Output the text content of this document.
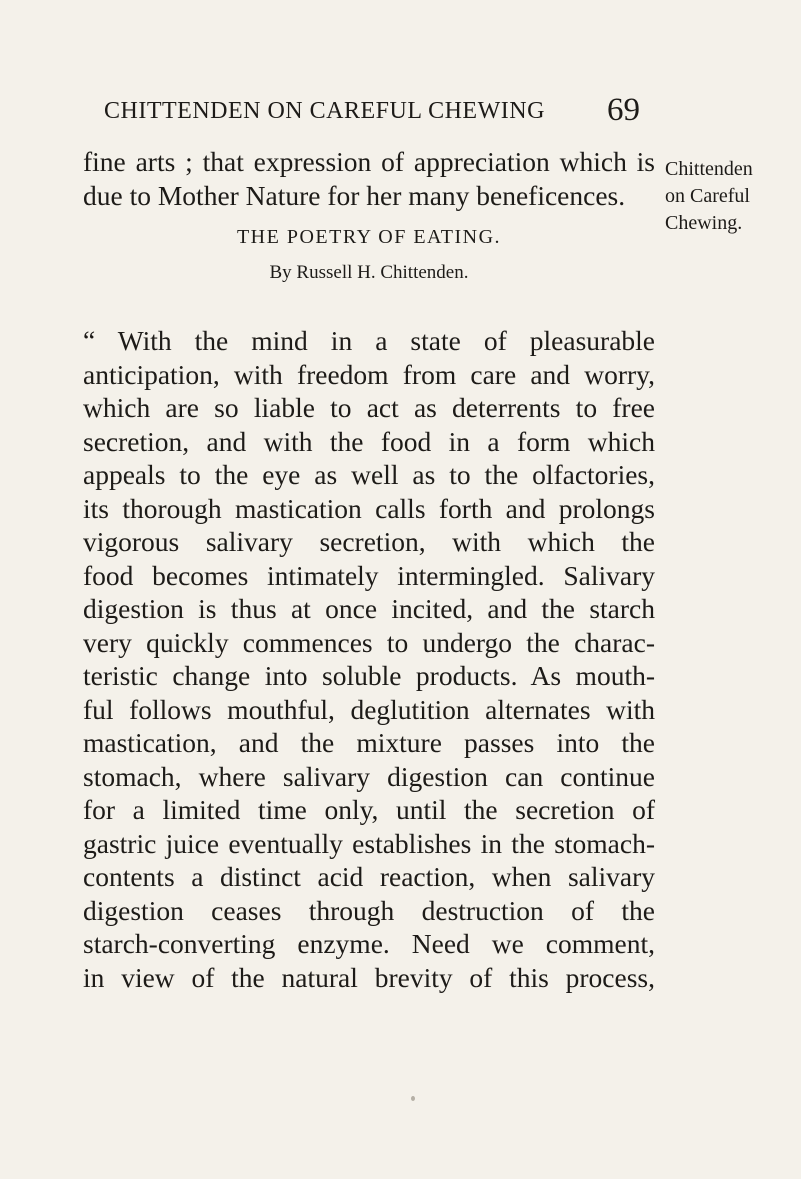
CHITTENDEN ON CAREFUL CHEWING 69
fine arts ; that expression of appreciation which is
due to Mother Nature for her many beneficences.
Chittenden
on Careful
Chewing.
THE POETRY OF EATING.
By Russell H. Chittenden.
“ With the mind in a state of pleasurable
anticipation, with freedom from care and worry,
which are so liable to act as deterrents to free
secretion, and with the food in a form which
appeals to the eye as well as to the olfactories,
its thorough mastication calls forth and prolongs
vigorous salivary secretion, with which the
food becomes intimately intermingled. Salivary
digestion is thus at once incited, and the starch
very quickly commences to undergo the charac-
teristic change into soluble products. As mouth-
ful follows mouthful, deglutition alternates with
mastication, and the mixture passes into the
stomach, where salivary digestion can continue
for a limited time only, until the secretion of
gastric juice eventually establishes in the stomach-
contents a distinct acid reaction, when salivary
digestion ceases through destruction of the
starch-converting enzyme. Need we comment,
in view of the natural brevity of this process,
